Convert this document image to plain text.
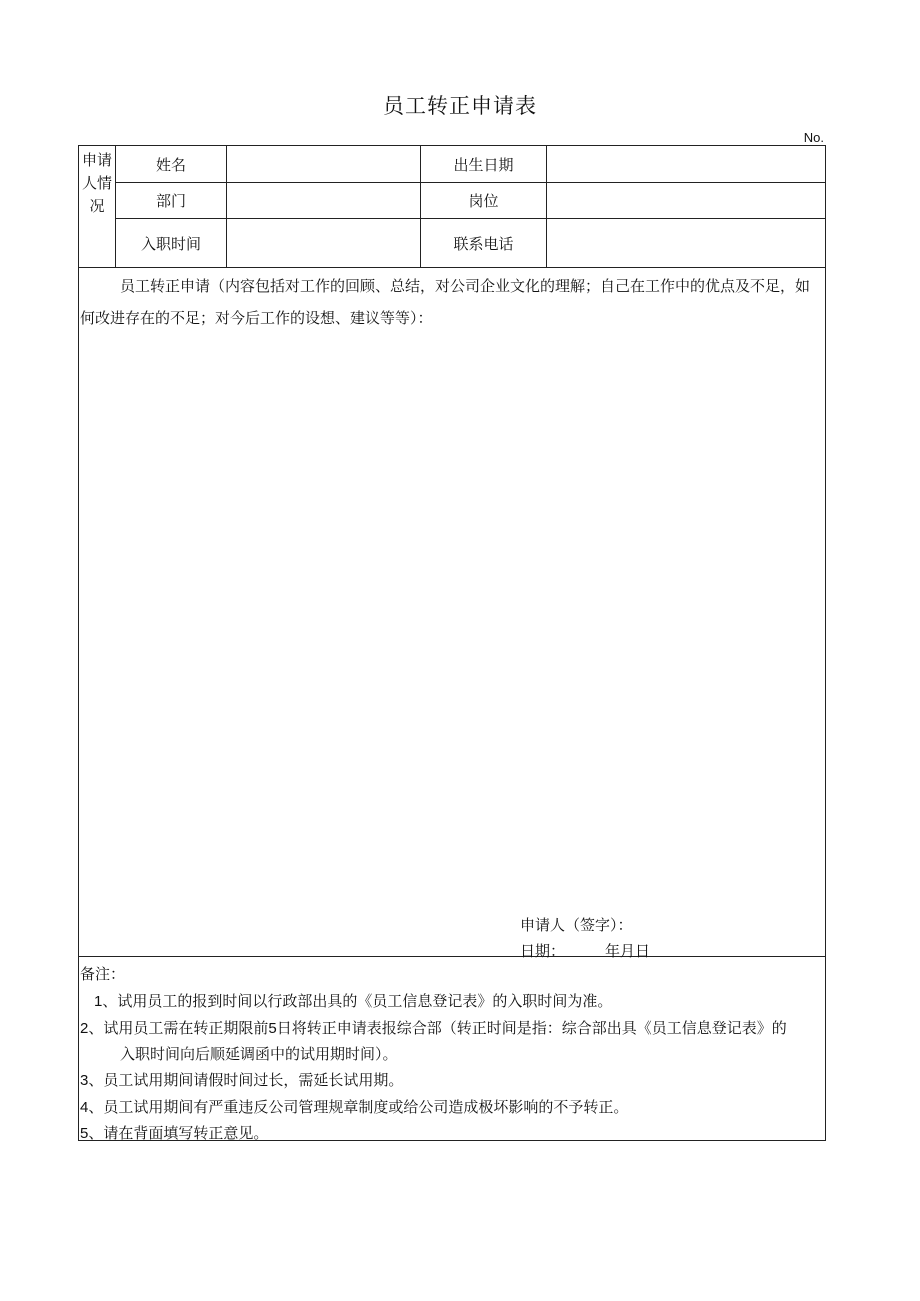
员工转正申请表
No.
申请人情况
姓名	出生日期
部门	岗位
入职时间	联系电话
员工转正申请（内容包括对工作的回顾、总结，对公司企业文化的理解；自己在工作中的优点及不足，如何改进存在的不足；对今后工作的设想、建议等等）：
申请人（签字）：
日期：	年月日
备注：
1、试用员工的报到时间以行政部出具的《员工信息登记表》的入职时间为准。
2、试用员工需在转正期限前5日将转正申请表报综合部（转正时间是指：综合部出具《员工信息登记表》的
入职时间向后顺延调函中的试用期时间）。
3、员工试用期间请假时间过长，需延长试用期。
4、员工试用期间有严重违反公司管理规章制度或给公司造成极坏影响的不予转正。
5、请在背面填写转正意见。
